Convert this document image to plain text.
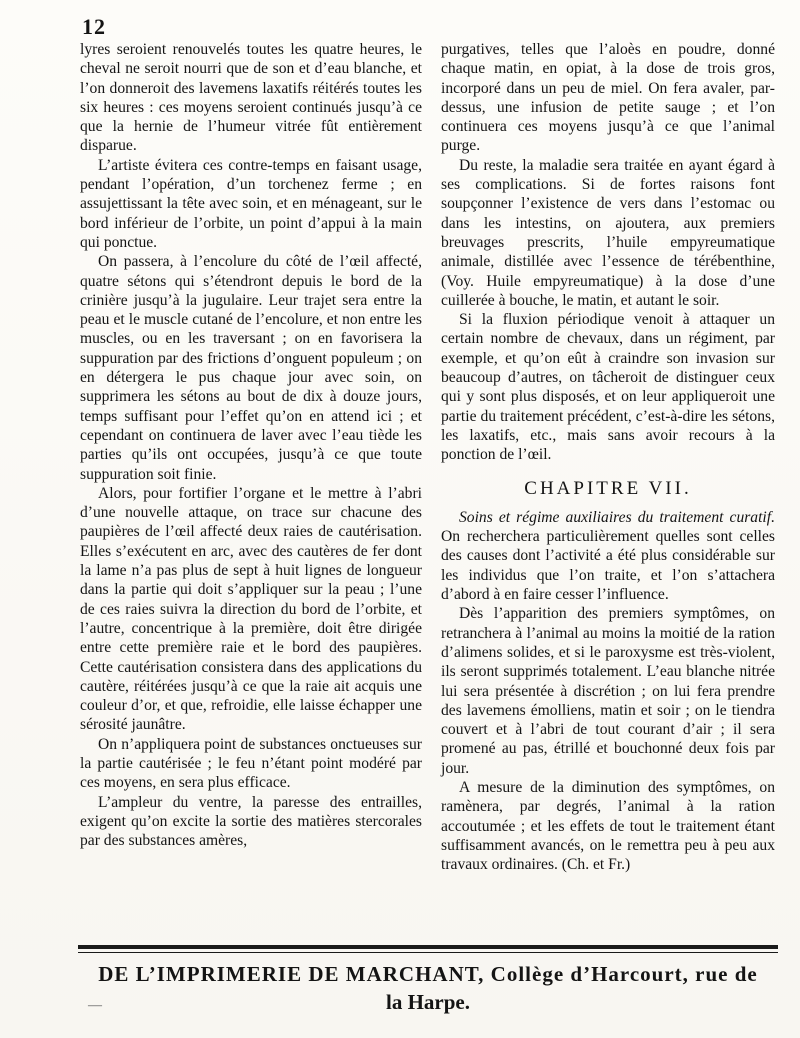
12

lyres seroient renouvelés toutes les quatre heures, le cheval ne seroit nourri que de son et d’eau blanche, et l’on donneroit des lavemens laxatifs réitérés toutes les six heures : ces moyens seroient continués jusqu’à ce que la hernie de l’humeur vitrée fût entièrement disparue.

L’artiste évitera ces contre-temps en faisant usage, pendant l’opération, d’un torchenez ferme ; en assujettissant la tête avec soin, et en ménageant, sur le bord inférieur de l’orbite, un point d’appui à la main qui ponctue.

On passera, à l’encolure du côté de l’œil affecté, quatre sétons qui s’étendront depuis le bord de la crinière jusqu’à la jugulaire. Leur trajet sera entre la peau et le muscle cutané de l’encolure, et non entre les muscles, ou en les traversant ; on en favorisera la suppuration par des frictions d’onguent populeum ; on en détergera le pus chaque jour avec soin, on supprimera les sétons au bout de dix à douze jours, temps suffisant pour l’effet qu’on en attend ici ; et cependant on continuera de laver avec l’eau tiède les parties qu’ils ont occupées, jusqu’à ce que toute suppuration soit finie.

Alors, pour fortifier l’organe et le mettre à l’abri d’une nouvelle attaque, on trace sur chacune des paupières de l’œil affecté deux raies de cautérisation. Elles s’exécutent en arc, avec des cautères de fer dont la lame n’a pas plus de sept à huit lignes de longueur dans la partie qui doit s’appliquer sur la peau ; l’une de ces raies suivra la direction du bord de l’orbite, et l’autre, concentrique à la première, doit être dirigée entre cette première raie et le bord des paupières. Cette cautérisation consistera dans des applications du cautère, réitérées jusqu’à ce que la raie ait acquis une couleur d’or, et que, refroidie, elle laisse échapper une sérosité jaunâtre.

On n’appliquera point de substances onctueuses sur la partie cautérisée ; le feu n’étant point modéré par ces moyens, en sera plus efficace.

L’ampleur du ventre, la paresse des entrailles, exigent qu’on excite la sortie des matières stercorales par des substances amères,

purgatives, telles que l’aloès en poudre, donné chaque matin, en opiat, à la dose de trois gros, incorporé dans un peu de miel. On fera avaler, par-dessus, une infusion de petite sauge ; et l’on continuera ces moyens jusqu’à ce que l’animal purge.

Du reste, la maladie sera traitée en ayant égard à ses complications. Si de fortes raisons font soupçonner l’existence de vers dans l’estomac ou dans les intestins, on ajoutera, aux premiers breuvages prescrits, l’huile empyreumatique animale, distillée avec l’essence de térébenthine, (Voy. Huile empyreumatique) à la dose d’une cuillerée à bouche, le matin, et autant le soir.

Si la fluxion périodique venoit à attaquer un certain nombre de chevaux, dans un régiment, par exemple, et qu’on eût à craindre son invasion sur beaucoup d’autres, on tâcheroit de distinguer ceux qui y sont plus disposés, et on leur appliqueroit une partie du traitement précédent, c’est-à-dire les sétons, les laxatifs, etc., mais sans avoir recours à la ponction de l’œil.

CHAPITRE VII.

Soins et régime auxiliaires du traitement curatif. On recherchera particulièrement quelles sont celles des causes dont l’activité a été plus considérable sur les individus que l’on traite, et l’on s’attachera d’abord à en faire cesser l’influence.

Dès l’apparition des premiers symptômes, on retranchera à l’animal au moins la moitié de la ration d’alimens solides, et si le paroxysme est très-violent, ils seront supprimés totalement. L’eau blanche nitrée lui sera présentée à discrétion ; on lui fera prendre des lavemens émolliens, matin et soir ; on le tiendra couvert et à l’abri de tout courant d’air ; il sera promené au pas, étrillé et bouchonné deux fois par jour.

A mesure de la diminution des symptômes, on ramènera, par degrés, l’animal à la ration accoutumée ; et les effets de tout le traitement étant suffisamment avancés, on le remettra peu à peu aux travaux ordinaires. (Ch. et Fr.)

DE L’IMPRIMERIE DE MARCHANT, Collège d’Harcourt, rue de
la Harpe.
—
